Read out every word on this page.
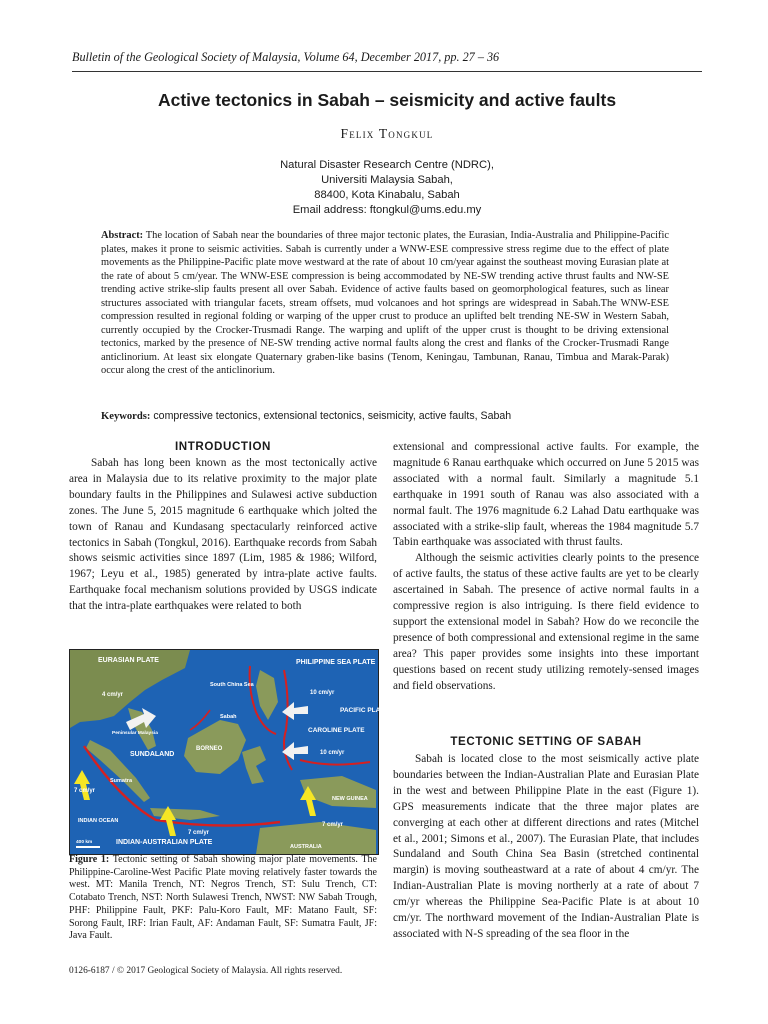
Bulletin of the Geological Society of Malaysia, Volume 64, December 2017, pp. 27 – 36
Active tectonics in Sabah – seismicity and active faults
Felix Tongkul
Natural Disaster Research Centre (NDRC),
Universiti Malaysia Sabah,
88400, Kota Kinabalu, Sabah
Email address: ftongkul@ums.edu.my
Abstract: The location of Sabah near the boundaries of three major tectonic plates, the Eurasian, India-Australia and Philippine-Pacific plates, makes it prone to seismic activities. Sabah is currently under a WNW-ESE compressive stress regime due to the effect of plate movements as the Philippine-Pacific plate move westward at the rate of about 10 cm/year against the southeast moving Eurasian plate at the rate of about 5 cm/year. The WNW-ESE compression is being accommodated by NE-SW trending active thrust faults and NW-SE trending active strike-slip faults present all over Sabah. Evidence of active faults based on geomorphological features, such as linear structures associated with triangular facets, stream offsets, mud volcanoes and hot springs are widespread in Sabah.The WNW-ESE compression resulted in regional folding or warping of the upper crust to produce an uplifted belt trending NE-SW in Western Sabah, currently occupied by the Crocker-Trusmadi Range. The warping and uplift of the upper crust is thought to be driving extensional tectonics, marked by the presence of NE-SW trending active normal faults along the crest and flanks of the Crocker-Trusmadi Range anticlinorium. At least six elongate Quaternary graben-like basins (Tenom, Keningau, Tambunan, Ranau, Timbua and Marak-Parak) occur along the crest of the anticlinorium.
Keywords: compressive tectonics, extensional tectonics, seismicity, active faults, Sabah
INTRODUCTION

Sabah has long been known as the most tectonically active area in Malaysia due to its relative proximity to the major plate boundary faults in the Philippines and Sulawesi active subduction zones. The June 5, 2015 magnitude 6 earthquake which jolted the town of Ranau and Kundasang spectacularly reinforced active tectonics in Sabah (Tongkul, 2016). Earthquake records from Sabah shows seismic activities since 1897 (Lim, 1985 & 1986; Wilford, 1967; Leyu et al., 1985) generated by intra-plate active faults. Earthquake focal mechanism solutions provided by USGS indicate that the intra-plate earthquakes were related to both

EURASIAN PLATE	PHILIPPINE SEA PLATE
South China Sea
4 cm/yr	10 cm/yr
10 cm/yr
PACIFIC PLATE
CAROLINE PLATE
SUNDALAND
BORNEO
Sabah
Peninsular Malaysia
Sumatra
7 cm/yr
7 cm/yr
7 cm/yr
INDIAN OCEAN
INDIAN-AUSTRALIAN PLATE
NEW GUINEA
AUSTRALIA
400 km
Figure 1: Tectonic setting of Sabah showing major plate movements. The Philippine-Caroline-West Pacific Plate moving relatively faster towards the west. MT: Manila Trench, NT: Negros Trench, ST: Sulu Trench, CT: Cotabato Trench, NST: North Sulawesi Trench, NWST: NW Sabah Trough, PHF: Philippine Fault, PKF: Palu-Koro Fault, MF: Matano Fault, SF: Sorong Fault, IRF: Irian Fault, AF: Andaman Fault, SF: Sumatra Fault, JF: Java Fault.

extensional and compressional active faults. For example, the magnitude 6 Ranau earthquake which occurred on June 5 2015 was associated with a normal fault. Similarly a magnitude 5.1 earthquake in 1991 south of Ranau was also associated with a normal fault. The 1976 magnitude 6.2 Lahad Datu earthquake was associated with a strike-slip fault, whereas the 1984 magnitude 5.7 Tabin earthquake was associated with thrust faults.

Although the seismic activities clearly points to the presence of active faults, the status of these active faults are yet to be clearly ascertained in Sabah. The presence of active normal faults in a compressive region is also intriguing. Is there field evidence to support the extensional model in Sabah? How do we reconcile the presence of both compressional and extensional regime in the same area? This paper provides some insights into these important questions based on recent study utilizing remotely-sensed images and field observations.

TECTONIC SETTING OF SABAH

Sabah is located close to the most seismically active plate boundaries between the Indian-Australian Plate and Eurasian Plate in the west and between Philippine Plate in the east (Figure 1). GPS measurements indicate that the three major plates are converging at each other at different directions and rates (Mitchel et al., 2001; Simons et al., 2007). The Eurasian Plate, that includes Sundaland and South China Sea Basin (stretched continental margin) is moving southeastward at a rate of about 4 cm/yr. The Indian-Australian Plate is moving northerly at a rate of about 7 cm/yr whereas the Philippine Sea-Pacific Plate is at about 10 cm/yr. The northward movement of the Indian-Australian Plate is associated with N-S spreading of the sea floor in the

0126-6187 / © 2017 Geological Society of Malaysia. All rights reserved.
